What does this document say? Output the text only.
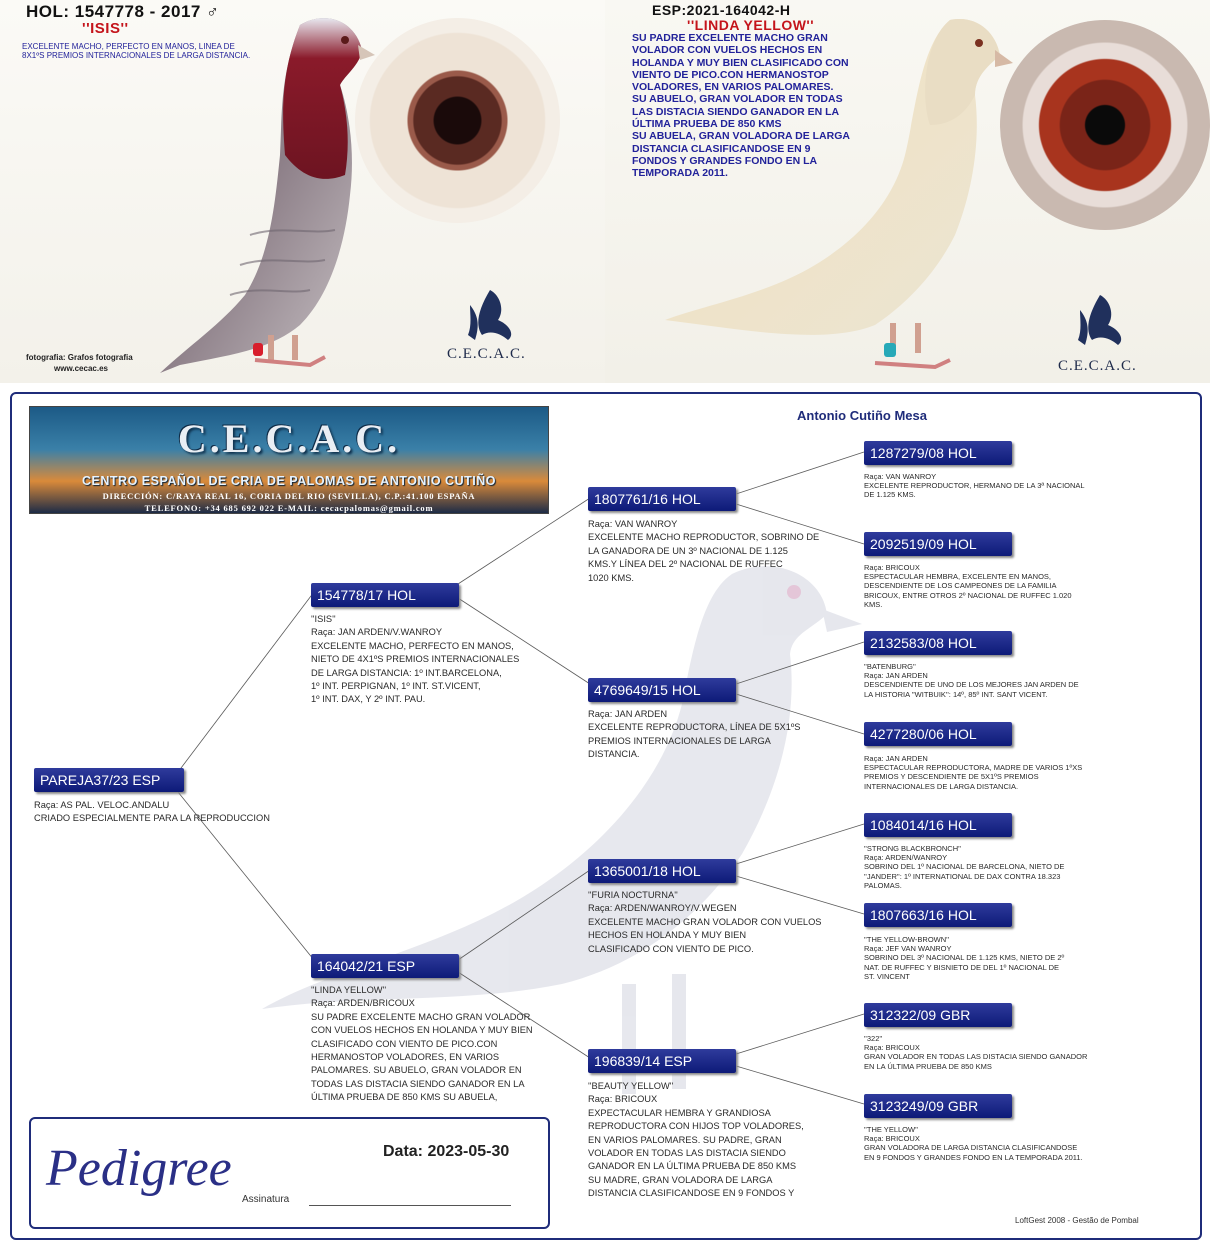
HOL: 1547778 - 2017 ♂
''ISIS''
EXCELENTE MACHO, PERFECTO EN MANOS, LINEA DE 8X1ºS PREMIOS INTERNACIONALES DE LARGA DISTANCIA.
C.E.C.A.C.
fotografia: Grafos fotografia
www.cecac.es
ESP:2021-164042-H
''LINDA YELLOW''
SU PADRE EXCELENTE MACHO GRAN
VOLADOR CON VUELOS HECHOS EN
HOLANDA Y MUY BIEN CLASIFICADO CON
VIENTO DE PICO.CON HERMANOSTOP
VOLADORES, EN VARIOS PALOMARES.
SU ABUELO, GRAN VOLADOR EN TODAS
LAS DISTACIA SIENDO GANADOR EN LA
ÚLTIMA PRUEBA DE 850 KMS
SU ABUELA, GRAN VOLADORA DE LARGA
DISTANCIA CLASIFICANDOSE EN 9
FONDOS Y GRANDES FONDO EN LA
TEMPORADA 2011.
C.E.C.A.C.
C.E.C.A.C.
CENTRO ESPAÑOL DE CRIA DE PALOMAS DE ANTONIO CUTIÑO
DIRECCIÓN: C/RAYA REAL 16, CORIA DEL RIO (SEVILLA), C.P.:41.100 ESPAÑA
TELEFONO: +34 685 692 022 E-MAIL: cecacpalomas@gmail.com
Antonio Cutiño Mesa
PAREJA37/23 ESP
Raça: AS PAL. VELOC.ANDALU
CRIADO ESPECIALMENTE PARA LA REPRODUCCION
154778/17 HOL
''ISIS''
Raça: JAN ARDEN/V.WANROY
EXCELENTE MACHO, PERFECTO EN MANOS,
NIETO DE 4X1ºS PREMIOS INTERNACIONALES
DE LARGA DISTANCIA: 1º INT.BARCELONA,
1º INT. PERPIGNAN, 1º INT. ST.VICENT,
1º INT. DAX, Y 2º INT. PAU.
164042/21 ESP
''LINDA YELLOW''
Raça: ARDEN/BRICOUX
SU PADRE EXCELENTE MACHO GRAN VOLADOR
CON VUELOS HECHOS EN HOLANDA Y MUY BIEN
CLASIFICADO CON VIENTO DE PICO.CON
HERMANOSTOP VOLADORES, EN VARIOS
PALOMARES. SU ABUELO, GRAN VOLADOR EN
TODAS LAS DISTACIA SIENDO GANADOR EN LA
ÚLTIMA PRUEBA DE 850 KMS SU ABUELA,
1807761/16 HOL
Raça: VAN WANROY
EXCELENTE MACHO REPRODUCTOR, SOBRINO DE
LA GANADORA DE UN 3º NACIONAL DE 1.125
KMS.Y LÍNEA DEL 2º NACIONAL DE RUFFEC
1020 KMS.
4769649/15 HOL
Raça: JAN ARDEN
EXCELENTE REPRODUCTORA, LÍNEA DE 5X1ºS
PREMIOS INTERNACIONALES DE LARGA
DISTANCIA.
1365001/18 HOL
''FURIA NOCTURNA''
Raça: ARDEN/WANROY/V.WEGEN
EXCELENTE MACHO GRAN VOLADOR CON VUELOS
HECHOS EN HOLANDA Y MUY BIEN
CLASIFICADO CON VIENTO DE PICO.
196839/14 ESP
''BEAUTY YELLOW''
Raça: BRICOUX
EXPECTACULAR HEMBRA Y GRANDIOSA
REPRODUCTORA CON HIJOS TOP VOLADORES,
EN VARIOS PALOMARES. SU PADRE, GRAN
VOLADOR EN TODAS LAS DISTACIA SIENDO
GANADOR EN LA ÚLTIMA PRUEBA DE 850 KMS
SU MADRE, GRAN VOLADORA DE LARGA
DISTANCIA CLASIFICANDOSE EN 9 FONDOS Y
1287279/08 HOL
Raça: VAN WANROY
EXCELENTE REPRODUCTOR, HERMANO DE LA 3ª NACIONAL
DE 1.125 KMS.
2092519/09 HOL
Raça: BRICOUX
ESPECTACULAR HEMBRA, EXCELENTE EN MANOS,
DESCENDIENTE DE LOS CAMPEONES DE LA FAMILIA
BRICOUX, ENTRE OTROS 2º NACIONAL DE RUFFEC 1.020
KMS.
2132583/08 HOL
''BATENBURG''
Raça: JAN ARDEN
DESCENDIENTE DE UNO DE LOS MEJORES JAN ARDEN DE
LA HISTORIA ''WITBUIK'': 14º, 85º INT. SANT VICENT.
4277280/06 HOL
Raça: JAN ARDEN
ESPECTACULAR REPRODUCTORA, MADRE DE VARIOS 1ºXS
PREMIOS Y DESCENDIENTE DE 5X1ºS PREMIOS
INTERNACIONALES DE LARGA DISTANCIA.
1084014/16 HOL
''STRONG BLACKBRONCH''
Raça: ARDEN/WANROY
SOBRINO DEL 1º NACIONAL DE BARCELONA, NIETO DE
''JANDER'': 1º INTERNATIONAL DE DAX CONTRA 18.323
PALOMAS.
1807663/16 HOL
''THE YELLOW-BROWN''
Raça: JEF VAN WANROY
SOBRINO DEL 3º NACIONAL DE 1.125 KMS, NIETO DE 2º
NAT. DE RUFFEC Y BISNIETO DE DEL 1º NACIONAL DE
ST. VINCENT
312322/09 GBR
''322''
Raça: BRICOUX
GRAN VOLADOR EN TODAS LAS DISTACIA SIENDO GANADOR
EN LA ÚLTIMA PRUEBA DE 850 KMS
3123249/09 GBR
''THE YELLOW''
Raça: BRICOUX
GRAN VOLADORA DE LARGA DISTANCIA CLASIFICANDOSE
EN 9 FONDOS Y GRANDES FONDO EN LA TEMPORADA 2011.
Pedigree	Data: 2023-05-30
Assinatura
LoftGest 2008 - Gestão de Pombal
